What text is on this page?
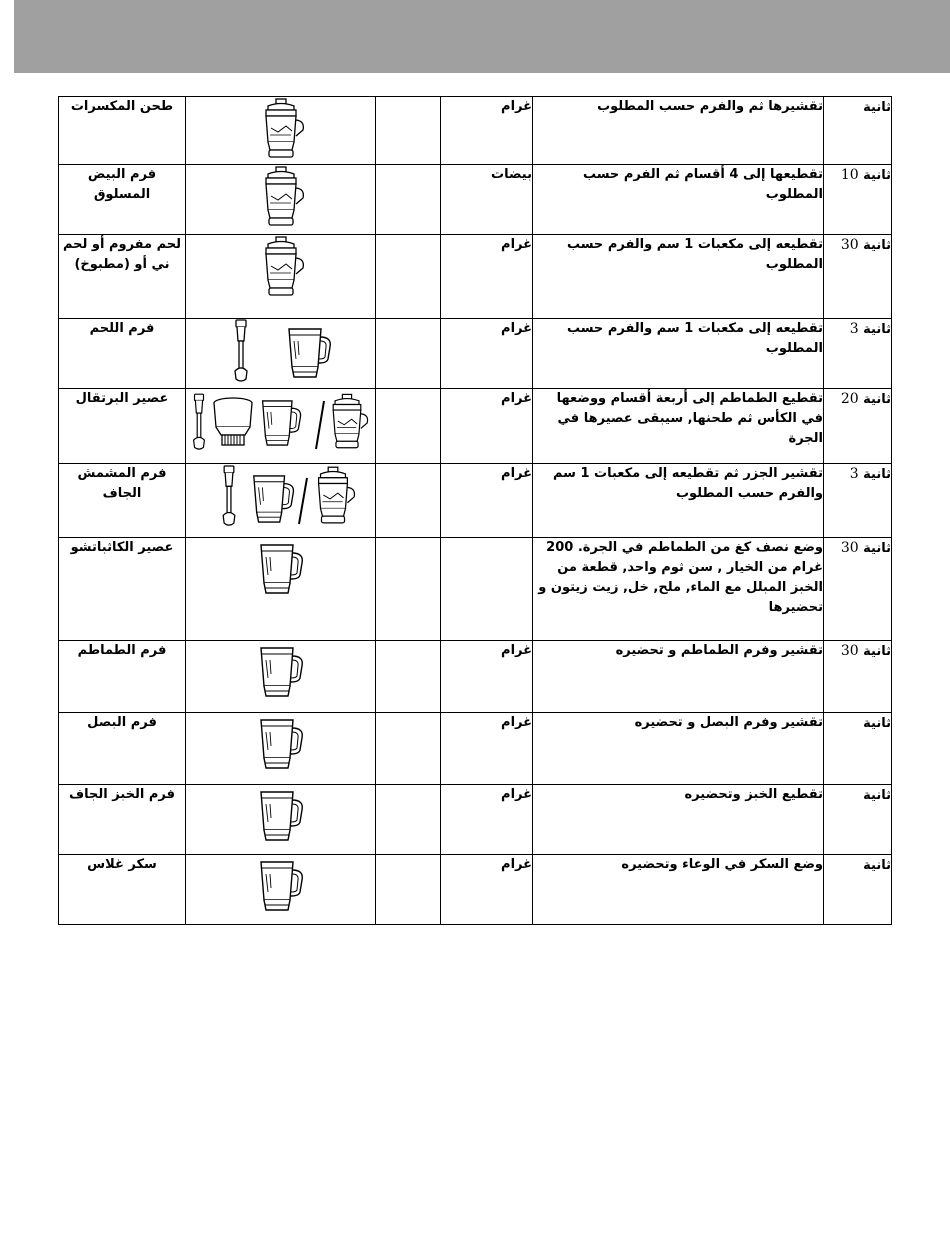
طحن المكسرات			غرام	تقشيرها ثم والفرم حسب المطلوب	ثانية
فرم البيض المسلوق			بيضات	تقطيعها إلى 4 أقسام ثم الفرم حسب المطلوب	ثانية 10
لحم مفروم أو لحم ني أو (مطبوخ)			غرام	تقطيعه إلى مكعبات 1 سم والفرم حسب المطلوب	ثانية 30
فرم اللحم			غرام	تقطيعه إلى مكعبات 1 سم والفرم حسب المطلوب	ثانية 3
عصير البرتقال			غرام	تقطيع الطماطم إلى أربعة أقسام ووضعها في الكأس ثم طحنها, سيبقى عصيرها في الجرة	ثانية 20
فرم المشمش الجاف			غرام	تقشير الجزر ثم تقطيعه إلى مكعبات 1 سم والفرم حسب المطلوب	ثانية 3
عصير الكاثباتشو				وضع نصف كغ من الطماطم في الجرة. 200 غرام من الخيار , سن ثوم واحد, قطعة من الخبز المبلل مع الماء, ملح, خل, زيت زيتون و تحضيرها	ثانية 30
فرم الطماطم			غرام	تقشير وفرم الطماطم و تحضيره	ثانية 30
فرم البصل			غرام	تقشير وفرم البصل و تحضيره	ثانية
فرم الخبز الجاف			غرام	تقطيع الخبز وتحضيره	ثانية
سكر غلاس			غرام	وضع السكر في الوعاء وتحضيره	ثانية
